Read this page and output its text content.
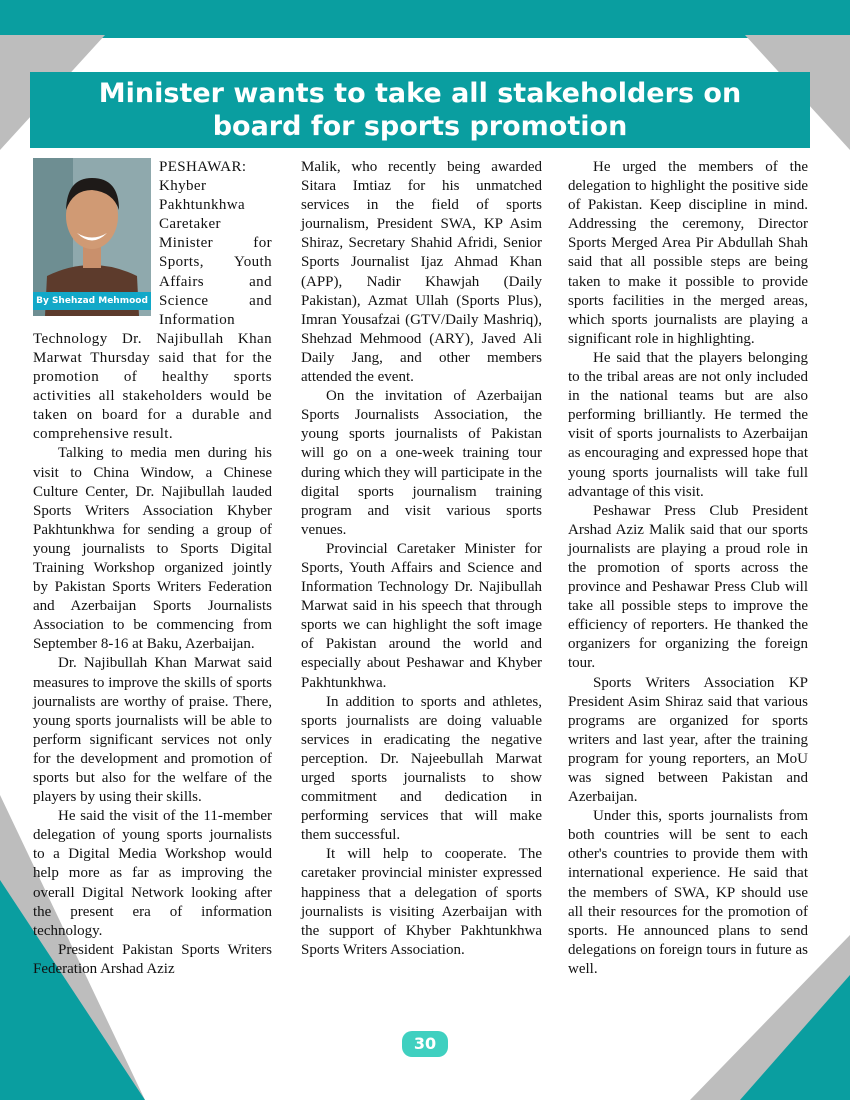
Minister wants to take all stakeholders on
board for sports promotion
By Shehzad Mehmood

PESHAWAR: Khyber Pakhtunkhwa Caretaker Minister for Sports, Youth Affairs and Science and Information Technology Dr. Najibullah Khan Marwat Thursday said that for the promotion of healthy sports activities all stakeholders would be taken on board for a durable and comprehensive result.

Talking to media men during his visit to China Window, a Chinese Culture Center, Dr. Najibullah lauded Sports Writers Association Khyber Pakhtunkhwa for sending a group of young journalists to Sports Digital Training Workshop organized jointly by Pakistan Sports Writers Federation and Azerbaijan Sports Journalists Association to be commencing from September 8-16 at Baku, Azerbaijan.

Dr. Najibullah Khan Marwat said measures to improve the skills of sports journalists are worthy of praise. There, young sports journalists will be able to perform significant services not only for the development and promotion of sports but also for the welfare of the players by using their skills.

He said the visit of the 11-member delegation of young sports journalists to a Digital Media Workshop would help more as far as improving the overall Digital Network looking after the present era of information technology.

President Pakistan Sports Writers Federation Arshad Aziz

Malik, who recently being awarded Sitara Imtiaz for his unmatched services in the field of sports journalism, President SWA, KP Asim Shiraz, Secretary Shahid Afridi, Senior Sports Journalist Ijaz Ahmad Khan (APP), Nadir Khawjah (Daily Pakistan), Azmat Ullah (Sports Plus), Imran Yousafzai (GTV/Daily Mashriq), Shehzad Mehmood (ARY), Javed Ali Daily Jang, and other members attended the event.

On the invitation of Azerbaijan Sports Journalists Association, the young sports journalists of Pakistan will go on a one-week training tour during which they will participate in the digital sports journalism training program and visit various sports venues.

Provincial Caretaker Minister for Sports, Youth Affairs and Science and Information Technology Dr. Najibullah Marwat said in his speech that through sports we can highlight the soft image of Pakistan around the world and especially about Peshawar and Khyber Pakhtunkhwa.

In addition to sports and athletes, sports journalists are doing valuable services in eradicating the negative perception. Dr. Najeebullah Marwat urged sports journalists to show commitment and dedication in performing services that will make them successful.

It will help to cooperate. The caretaker provincial minister expressed happiness that a delegation of sports journalists is visiting Azerbaijan with the support of Khyber Pakhtunkhwa Sports Writers Association.

He urged the members of the delegation to highlight the positive side of Pakistan. Keep discipline in mind. Addressing the ceremony, Director Sports Merged Area Pir Abdullah Shah said that all possible steps are being taken to make it possible to provide sports facilities in the merged areas, which sports journalists are playing a significant role in highlighting.

He said that the players belonging to the tribal areas are not only included in the national teams but are also performing brilliantly. He termed the visit of sports journalists to Azerbaijan as encouraging and expressed hope that young sports journalists will take full advantage of this visit.

Peshawar Press Club President Arshad Aziz Malik said that our sports journalists are playing a proud role in the promotion of sports across the province and Peshawar Press Club will take all possible steps to improve the efficiency of reporters. He thanked the organizers for organizing the foreign tour.

Sports Writers Association KP President Asim Shiraz said that various programs are organized for sports writers and last year, after the training program for young reporters, an MoU was signed between Pakistan and Azerbaijan.

Under this, sports journalists from both countries will be sent to each other's countries to provide them with international experience. He said that the members of SWA, KP should use all their resources for the promotion of sports. He announced plans to send delegations on foreign tours in future as well.

30
